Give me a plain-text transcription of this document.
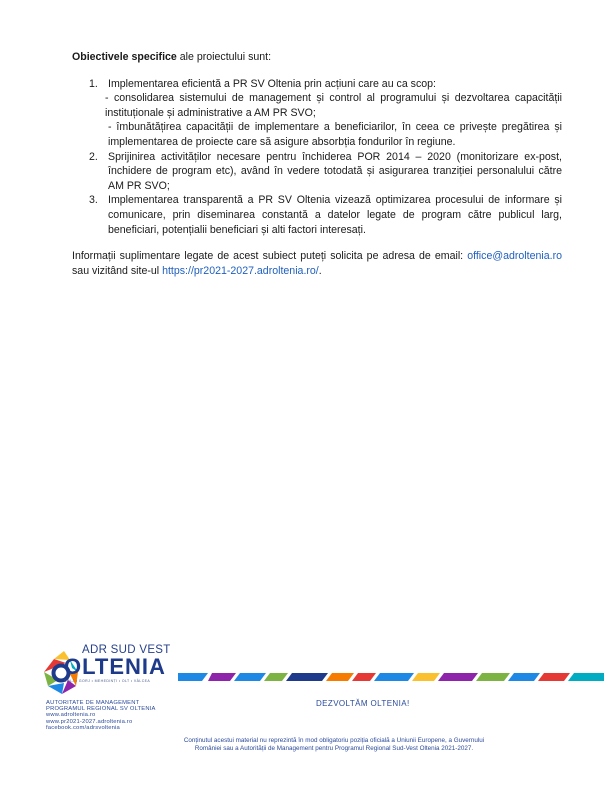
Obiectivele specifice ale proiectului sunt:

1. Implementarea eficientă a PR SV Oltenia prin acțiuni care au ca scop:
- consolidarea sistemului de management și control al programului și dezvoltarea capacității instituționale și administrative a AM PR SVO;
- îmbunătățirea capacității de implementare a beneficiarilor, în ceea ce privește pregătirea și implementarea de proiecte care să asigure absorbția fondurilor în regiune.
2. Sprijinirea activităților necesare pentru închiderea POR 2014 – 2020 (monitorizare ex-post, închidere de program etc), având în vedere totodată și asigurarea tranziției personalului către AM PR SVO;
3. Implementarea transparentă a PR SV Oltenia vizează optimizarea procesului de informare și comunicare, prin diseminarea constantă a datelor legate de program către publicul larg, beneficiari, potențialii beneficiari și alti factori interesați.

Informații suplimentare legate de acest subiect puteți solicita pe adresa de email: office@adroltenia.ro sau vizitând site-ul https://pr2021-2027.adroltenia.ro/.

ADR SUD VEST
OLTENIA
DOLJ • GORJ • MEHEDINȚI • OLT • VÂLCEA
AUTORITATE DE MANAGEMENT
PROGRAMUL REGIONAL SV OLTENIA
www.adroltenia.ro
www.pr2021-2027.adroltenia.ro
facebook.com/adrsvoltenia
DEZVOLTĂM OLTENIA!
Conținutul acestui material nu reprezintă în mod obligatoriu poziția oficială a Uniunii Europene, a Guvernului
României sau a Autorității de Management pentru Programul Regional Sud-Vest Oltenia 2021-2027.
